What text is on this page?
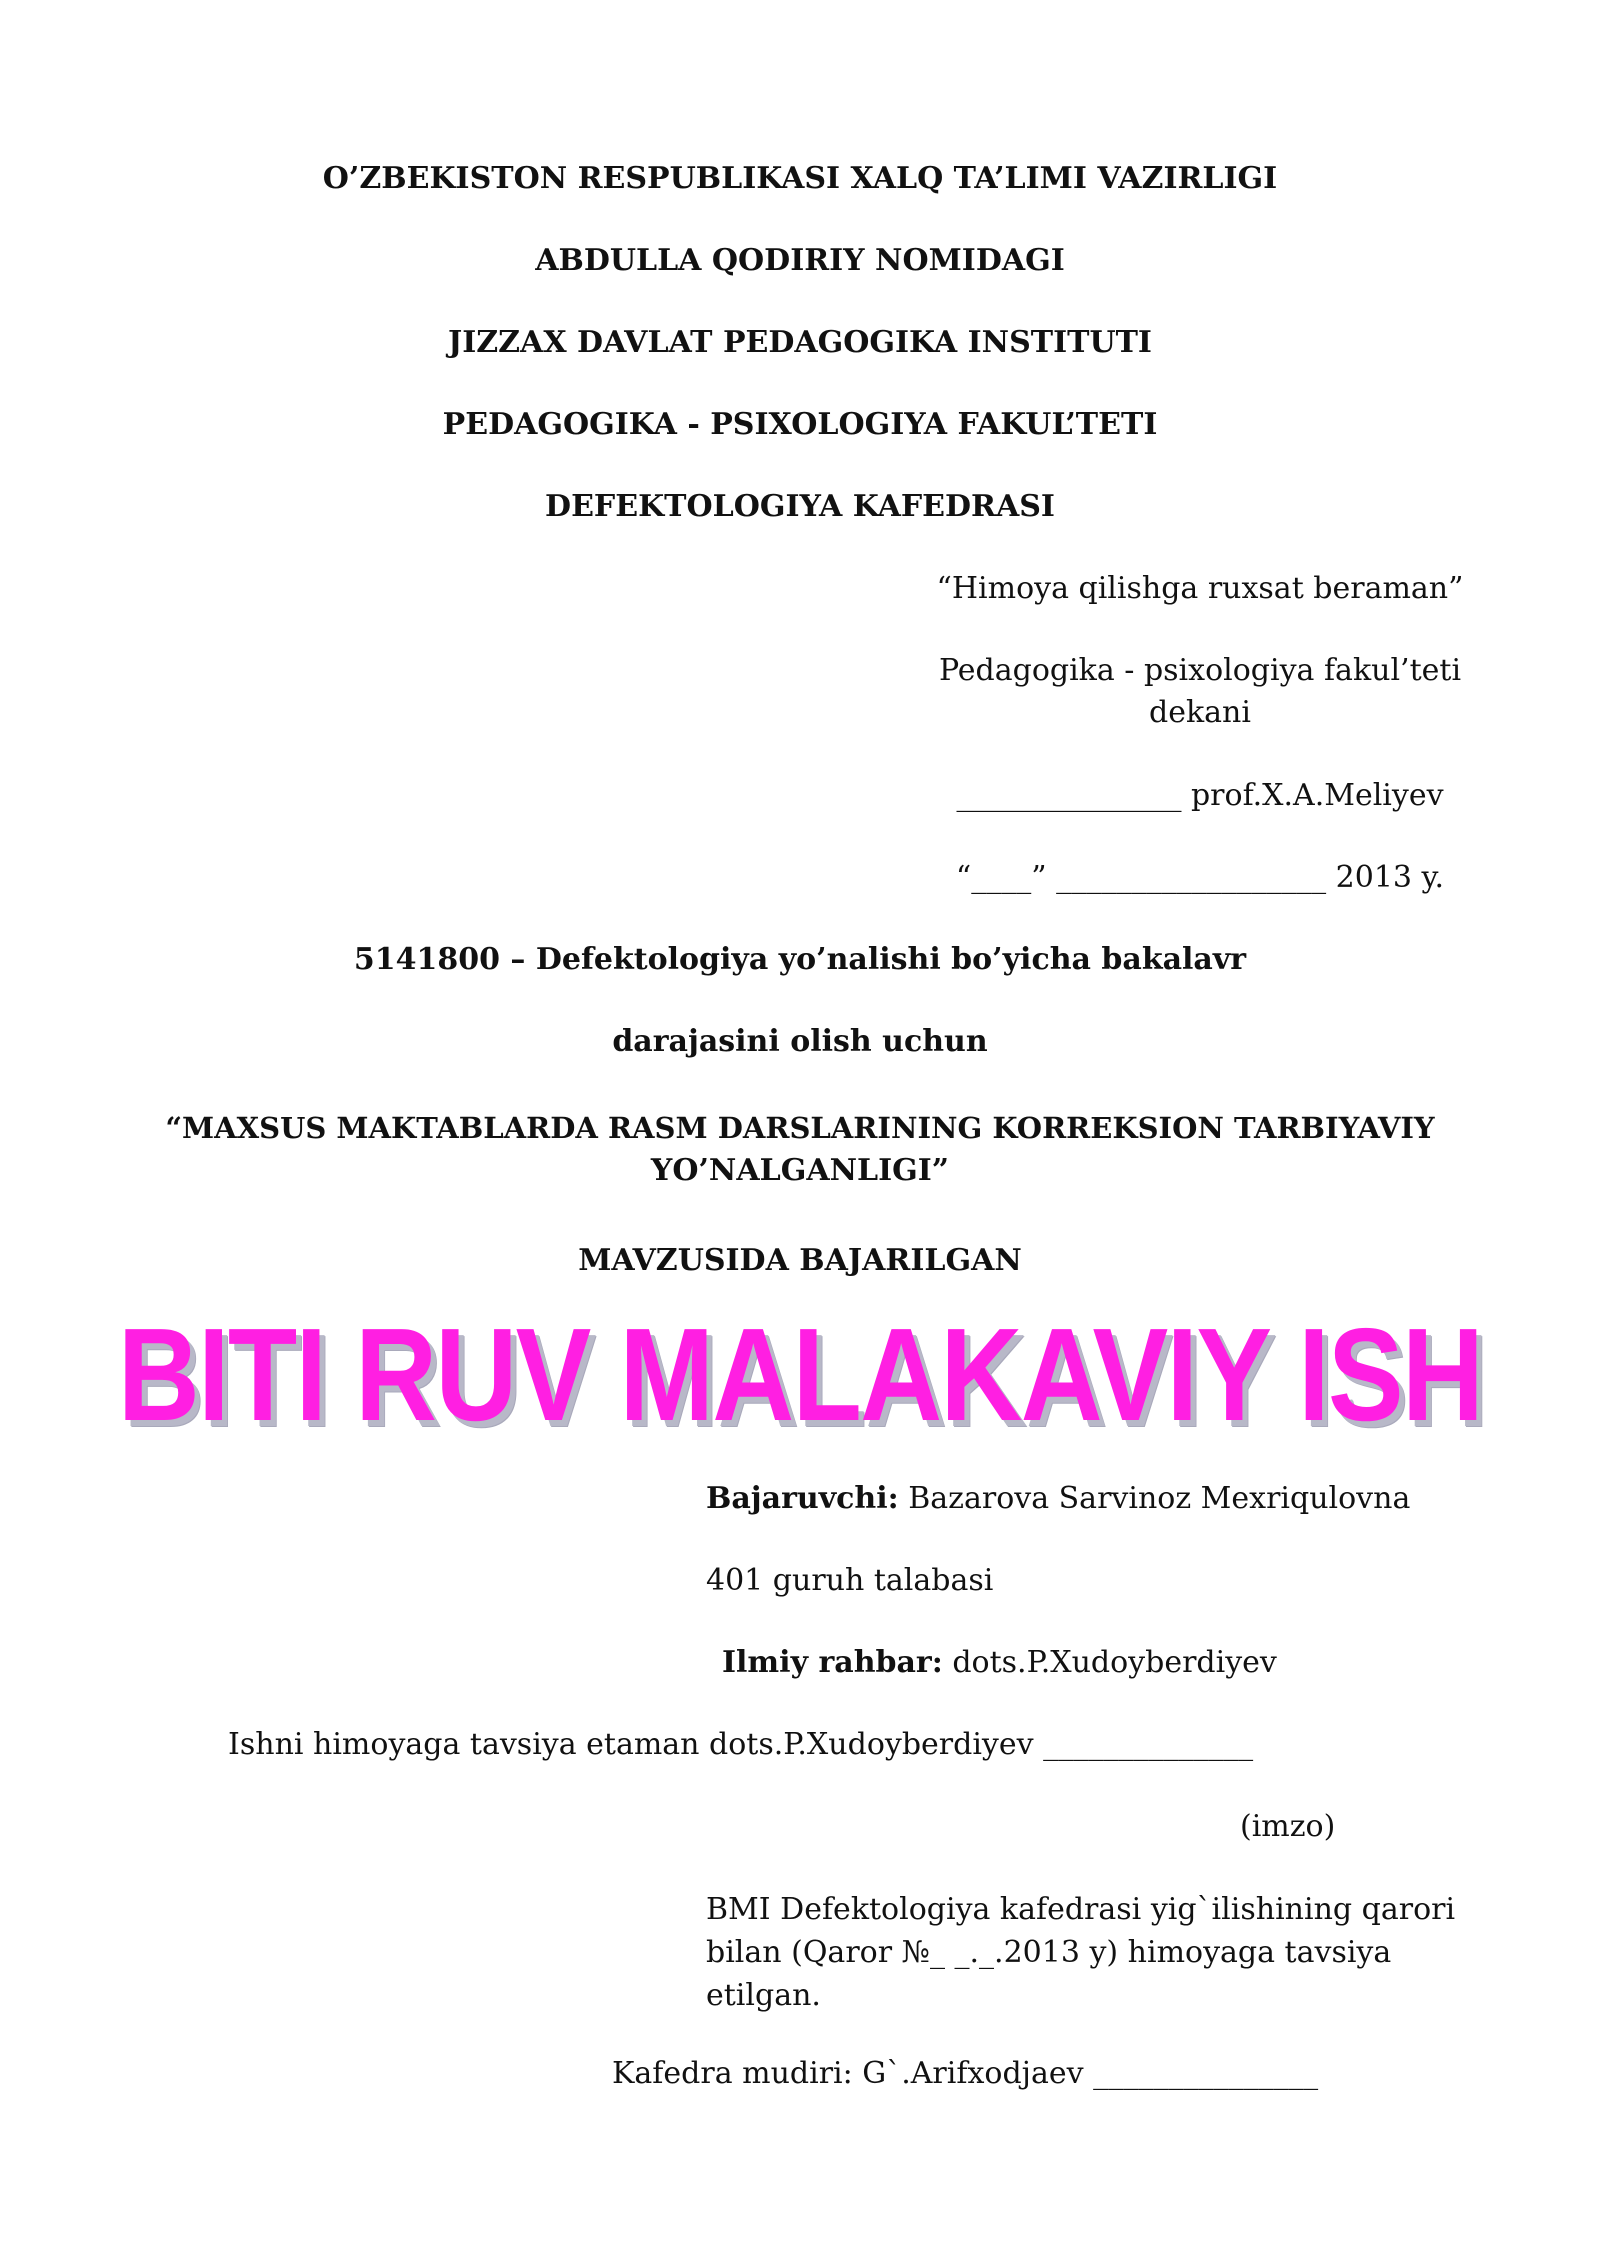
O’ZBEKISTON RESPUBLIKASI XALQ TA’LIMI VAZIRLIGI
ABDULLA QODIRIY NOMIDAGI
JIZZAX DAVLAT PEDAGOGIKA INSTITUTI
PEDAGOGIKA - PSIXOLOGIYA FAKUL’TETI
DEFEKTOLOGIYA KAFEDRASI
“Himoya qilishga ruxsat beraman”
Pedagogika - psixologiya fakul’teti
dekani
_______________ prof.X.A.Meliyev
“____” __________________ 2013 y.
5141800 – Defektologiya yo’nalishi bo’yicha bakalavr
darajasini olish uchun
“MAXSUS MAKTABLARDA RASM DARSLARINING KORREKSION TARBIYAVIY
YO’NALGANLIGI”
MAVZUSIDA BAJARILGAN
BITI RUV MALAKAVIY ISH
Bajaruvchi: Bazarova Sarvinoz Mexriqulovna
401 guruh talabasi
Ilmiy rahbar: dots.P.Xudoyberdiyev
Ishni himoyaga tavsiya etaman dots.P.Xudoyberdiyev ______________
(imzo)
BMI Defektologiya kafedrasi yig`ilishining qarori bilan (Qaror №_ _._.2013 y) himoyaga tavsiya etilgan.
Kafedra mudiri: G`.Arifxodjaev _______________
